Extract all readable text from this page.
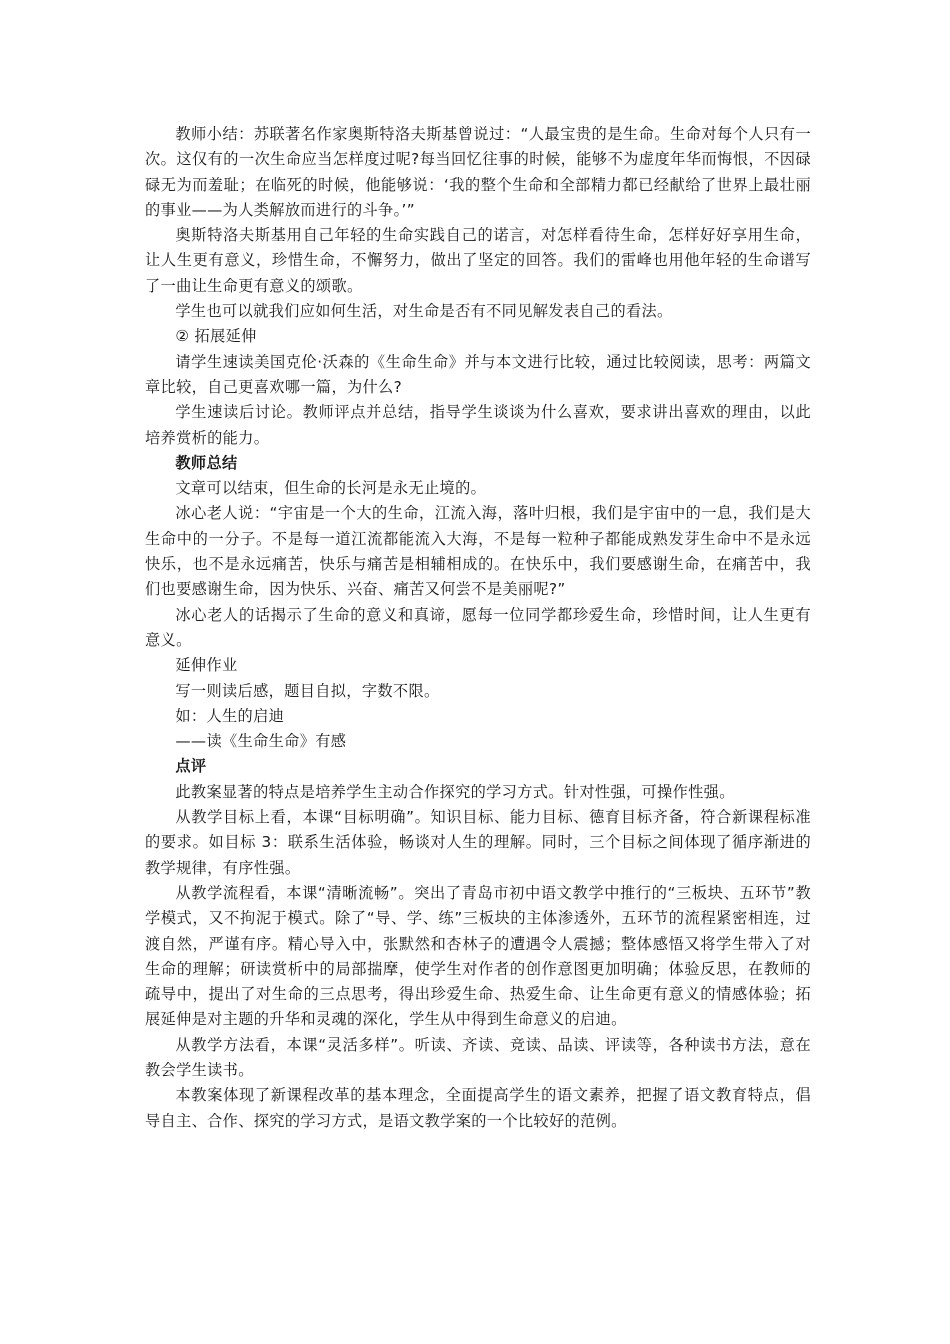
教师小结：苏联著名作家奥斯特洛夫斯基曾说过：“人最宝贵的是生命。生命对每个人只有一次。这仅有的一次生命应当怎样度过呢?每当回忆往事的时候，能够不为虚度年华而悔恨，不因碌碌无为而羞耻；在临死的时候，他能够说：‘我的整个生命和全部精力都已经献给了世界上最壮丽的事业——为人类解放而进行的斗争。’”

奥斯特洛夫斯基用自己年轻的生命实践自己的诺言，对怎样看待生命，怎样好好享用生命，让人生更有意义，珍惜生命，不懈努力，做出了坚定的回答。我们的雷峰也用他年轻的生命谱写了一曲让生命更有意义的颂歌。

学生也可以就我们应如何生活，对生命是否有不同见解发表自己的看法。

② 拓展延伸

请学生速读美国克伦·沃森的《生命生命》并与本文进行比较，通过比较阅读，思考：两篇文章比较，自己更喜欢哪一篇，为什么?

学生速读后讨论。教师评点并总结，指导学生谈谈为什么喜欢，要求讲出喜欢的理由，以此培养赏析的能力。

教师总结

文章可以结束，但生命的长河是永无止境的。

冰心老人说：“宇宙是一个大的生命，江流入海，落叶归根，我们是宇宙中的一息，我们是大生命中的一分子。不是每一道江流都能流入大海，不是每一粒种子都能成熟发芽生命中不是永远快乐，也不是永远痛苦，快乐与痛苦是相辅相成的。在快乐中，我们要感谢生命，在痛苦中，我们也要感谢生命，因为快乐、兴奋、痛苦又何尝不是美丽呢?”

冰心老人的话揭示了生命的意义和真谛，愿每一位同学都珍爱生命，珍惜时间，让人生更有意义。

延伸作业

写一则读后感，题目自拟，字数不限。

如：人生的启迪

——读《生命生命》有感

点评

此教案显著的特点是培养学生主动合作探究的学习方式。针对性强，可操作性强。

从教学目标上看，本课“目标明确”。知识目标、能力目标、德育目标齐备，符合新课程标准的要求。如目标 3：联系生活体验，畅谈对人生的理解。同时，三个目标之间体现了循序渐进的教学规律，有序性强。

从教学流程看，本课“清晰流畅”。突出了青岛市初中语文教学中推行的“三板块、五环节”教学模式，又不拘泥于模式。除了“导、学、练”三板块的主体渗透外，五环节的流程紧密相连，过渡自然，严谨有序。精心导入中，张默然和杏林子的遭遇令人震撼；整体感悟又将学生带入了对生命的理解；研读赏析中的局部揣摩，使学生对作者的创作意图更加明确；体验反思，在教师的疏导中，提出了对生命的三点思考，得出珍爱生命、热爱生命、让生命更有意义的情感体验；拓展延伸是对主题的升华和灵魂的深化，学生从中得到生命意义的启迪。

从教学方法看，本课“灵活多样”。听读、齐读、竞读、品读、评读等，各种读书方法，意在教会学生读书。

本教案体现了新课程改革的基本理念，全面提高学生的语文素养，把握了语文教育特点，倡导自主、合作、探究的学习方式，是语文教学案的一个比较好的范例。
